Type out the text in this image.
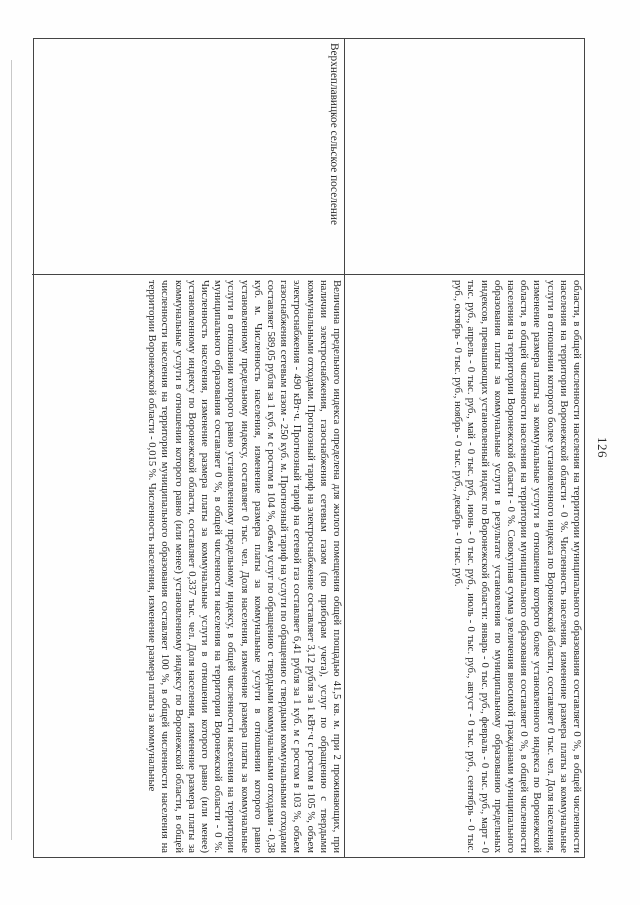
126
области, в общей численности населения на территории муниципального образования составляет 0 %, в общей численности населения на территории Воронежской области - 0 %. Численность населения, изменение размера платы за коммунальные услуги в отношении которого более установленного индекса по Воронежской области, составляет 0 тыс. чел. Доля населения, изменение размера платы за коммунальные услуги в отношении которого более установленного индекса по Воронежской области, в общей численности населения на территории муниципального образования составляет 0 %, в общей численности населения на территории Воронежской области - 0 %. Совокупная сумма увеличения вносимой гражданами муниципального образования платы за коммунальные услуги в результате установления по муниципальному образованию предельных индексов, превышающих установленный индекс по Воронежской области: январь - 0 тыс. руб., февраль - 0 тыс. руб., март - 0 тыс. руб., апрель - 0 тыс. руб., май - 0 тыс. руб., июнь - 0 тыс. руб., июль - 0 тыс. руб., август - 0 тыс. руб., сентябрь - 0 тыс. руб., октябрь - 0 тыс. руб., ноябрь - 0 тыс. руб., декабрь - 0 тыс. руб.
Верхнеплавицкое сельское поселение
Величина предельного индекса определена для жилого помещения общей площадью 41,5 кв. м. при 2 проживающих, при наличии электроснабжения, газоснабжения сетевым газом (по приборам учета), услуг по обращению с твердыми коммунальными отходами. Прогнозный тариф на электроснабжение составляет 3,12 рубля за 1 кВт·ч с ростом в 105 %, объем электроснабжения - 490 кВт·ч. Прогнозный тариф на сетевой газ составляет 6,41 рубля за 1 куб. м с ростом в 103 %, объем газоснабжения сетевым газом - 250 куб. м. Прогнозный тариф на услуги по обращению с твердыми коммунальными отходами составляет 589,05 рубля за 1 куб. м с ростом в 104 %, объем услуг по обращению с твердыми коммунальными отходами - 0,38 куб. м. Численность населения, изменение размера платы за коммунальные услуги в отношении которого равно установленному предельному индексу, составляет 0 тыс. чел. Доля населения, изменение размера платы за коммунальные услуги в отношении которого равно установленному предельному индексу, в общей численности населения на территории муниципального образования составляет 0 %, в общей численности населения на территории Воронежской области - 0 %. Численность населения, изменение размера платы за коммунальные услуги в отношении которого равно (или менее) установленному индексу по Воронежской области, составляет 0,337 тыс. чел. Доля населения, изменение размера платы за коммунальные услуги в отношении которого равно (или менее) установленному индексу по Воронежской области, в общей численности населения на территории муниципального образования составляет 100 %, в общей численности населения на территории Воронежской области - 0,015 %. Численность населения, изменение размера платы за коммунальные
